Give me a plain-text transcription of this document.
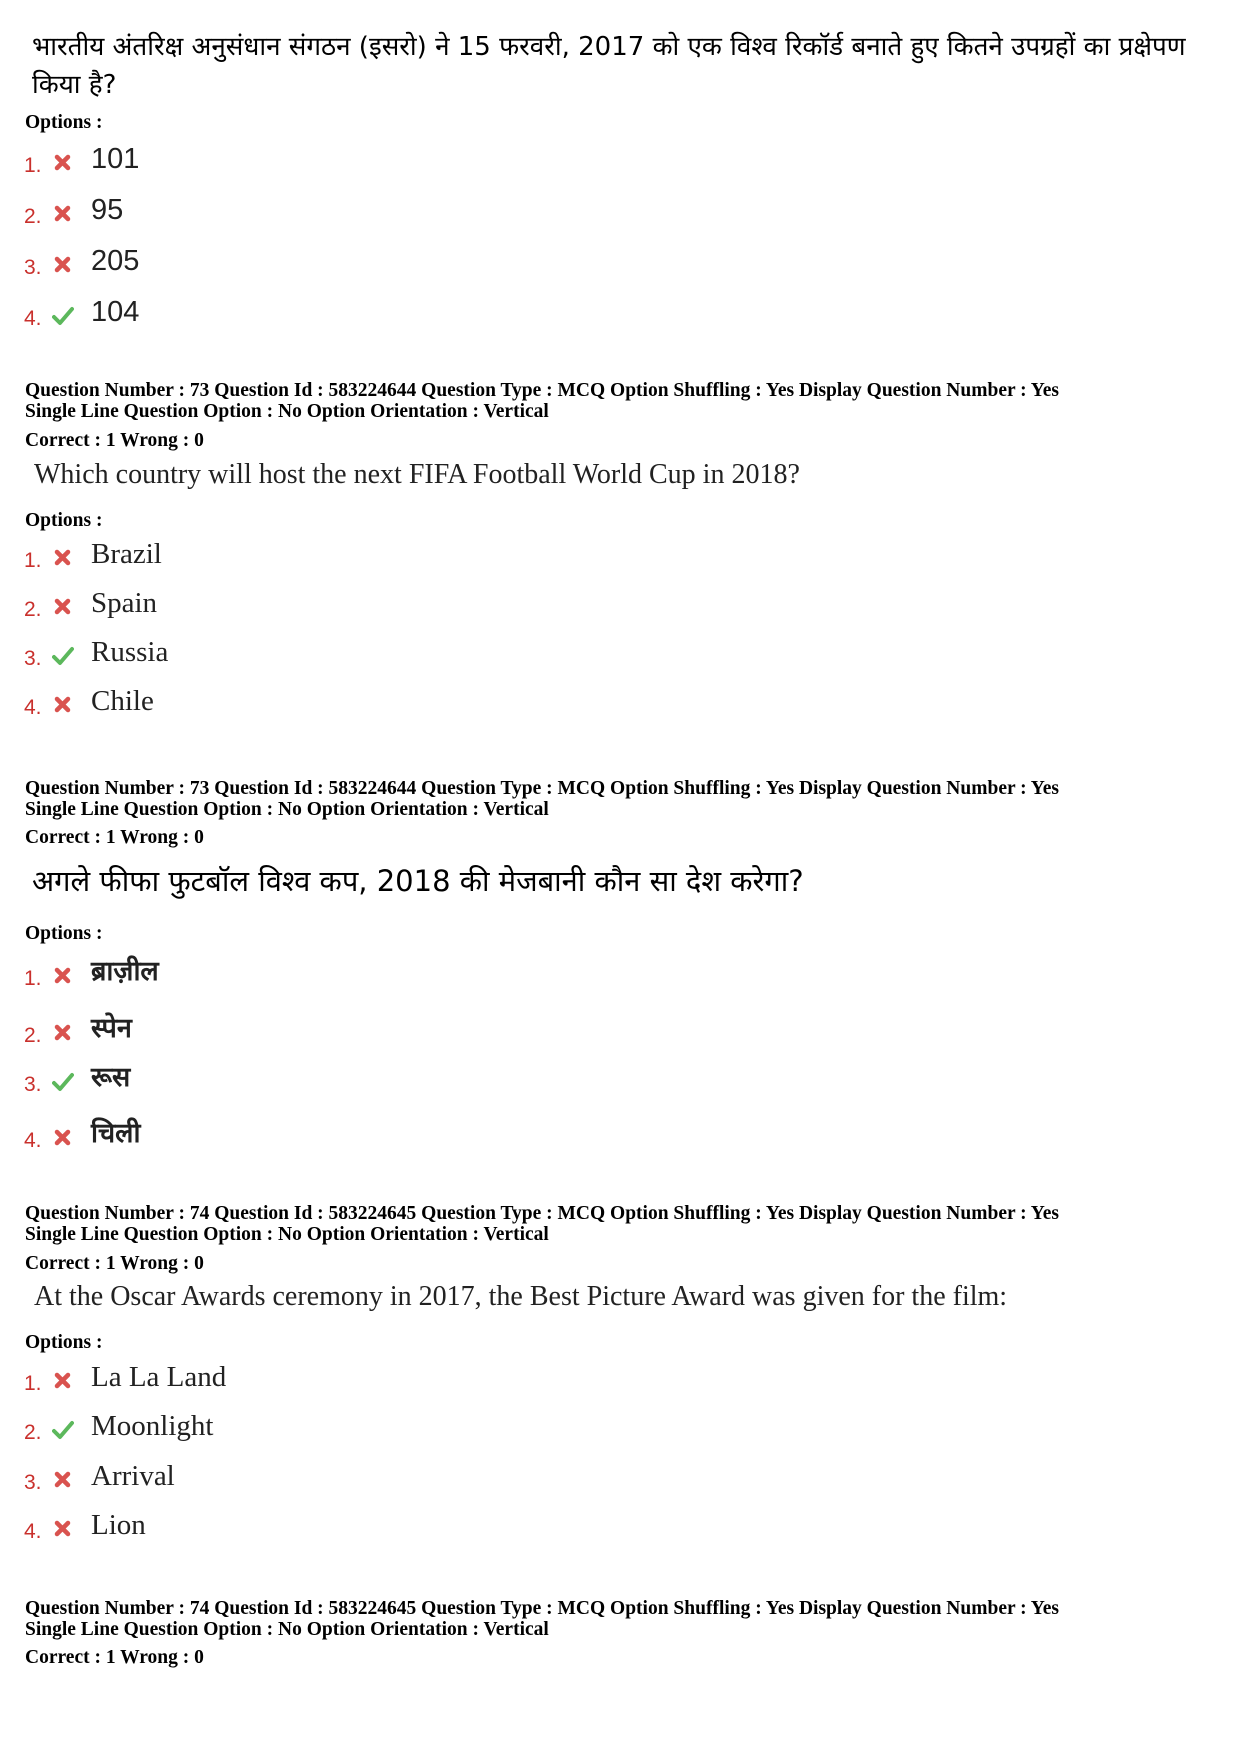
भारतीय अंतरिक्ष अनुसंधान संगठन (इसरो) ने 15 फरवरी, 2017 को एक विश्व रिकॉर्ड बनाते हुए कितने उपग्रहों का प्रक्षेपण किया है?
Options :
1. 101
2. 95
3. 205
4. 104
Question Number : 73 Question Id : 583224644 Question Type : MCQ Option Shuffling : Yes Display Question Number : Yes
Single Line Question Option : No Option Orientation : Vertical
Correct : 1 Wrong : 0
Which country will host the next FIFA Football World Cup in 2018?
Options :
1. Brazil
2. Spain
3. Russia
4. Chile
Question Number : 73 Question Id : 583224644 Question Type : MCQ Option Shuffling : Yes Display Question Number : Yes
Single Line Question Option : No Option Orientation : Vertical
Correct : 1 Wrong : 0
अगले फीफा फुटबॉल विश्व कप, 2018 की मेजबानी कौन सा देश करेगा?
Options :
1. ब्राज़ील
2. स्पेन
3. रूस
4. चिली
Question Number : 74 Question Id : 583224645 Question Type : MCQ Option Shuffling : Yes Display Question Number : Yes
Single Line Question Option : No Option Orientation : Vertical
Correct : 1 Wrong : 0
At the Oscar Awards ceremony in 2017, the Best Picture Award was given for the film:
Options :
1. La La Land
2. Moonlight
3. Arrival
4. Lion
Question Number : 74 Question Id : 583224645 Question Type : MCQ Option Shuffling : Yes Display Question Number : Yes
Single Line Question Option : No Option Orientation : Vertical
Correct : 1 Wrong : 0
